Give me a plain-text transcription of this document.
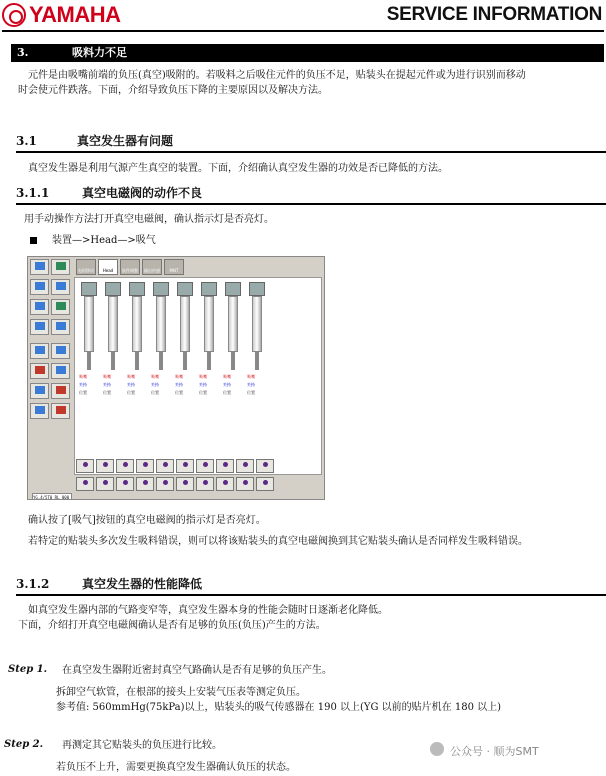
YAMAHA	SERVICE INFORMATION
3.	吸料力不足
元件是由吸嘴前端的负压(真空)吸附的。若吸料之后吸住元件的负压不足，贴装头在提起元件或为进行识别而移动
时会使元件跌落。下面，介绍导致负压下降的主要原因以及解决方法。
3.1	真空发生器有问题
真空发生器是利用气源产生真空的装置。下面，介绍确认真空发生器的功效是否已降低的方法。
3.1.1	真空电磁阀的动作不良
用手动操作方法打开真空电磁阀，确认指示灯是否亮灯。
装置—>Head—>吸气
YG.4/5T0_RL 000
电机移动	Head	软件调整	输出传感	MNT
吸嘴
夹持
位置
吸嘴
夹持
位置
吸嘴
夹持
位置
吸嘴
夹持
位置
吸嘴
夹持
位置
吸嘴
夹持
位置
吸嘴
夹持
位置
吸嘴
夹持
位置
确认按了[吸气]按钮的真空电磁阀的指示灯是否亮灯。
若特定的贴装头多次发生吸料错误，则可以将该贴装头的真空电磁阀换到其它贴装头确认是否同样发生吸料错误。
3.1.2	真空发生器的性能降低
如真空发生器内部的气路变窄等，真空发生器本身的性能会随时日逐渐老化降低。
下面，介绍打开真空电磁阀确认是否有足够的负压(负压)产生的方法。
Step 1. 在真空发生器附近密封真空气路确认是否有足够的负压产生。
拆卸空气软管，在根部的接头上安装气压表等测定负压。
参考值: 560mmHg(75kPa)以上，贴装头的吸气传感器在 190 以上(YG 以前的贴片机在 180 以上)
Step 2. 再测定其它贴装头的负压进行比较。
若负压不上升，需要更换真空发生器确认负压的状态。
公众号 · 顺为SMT
